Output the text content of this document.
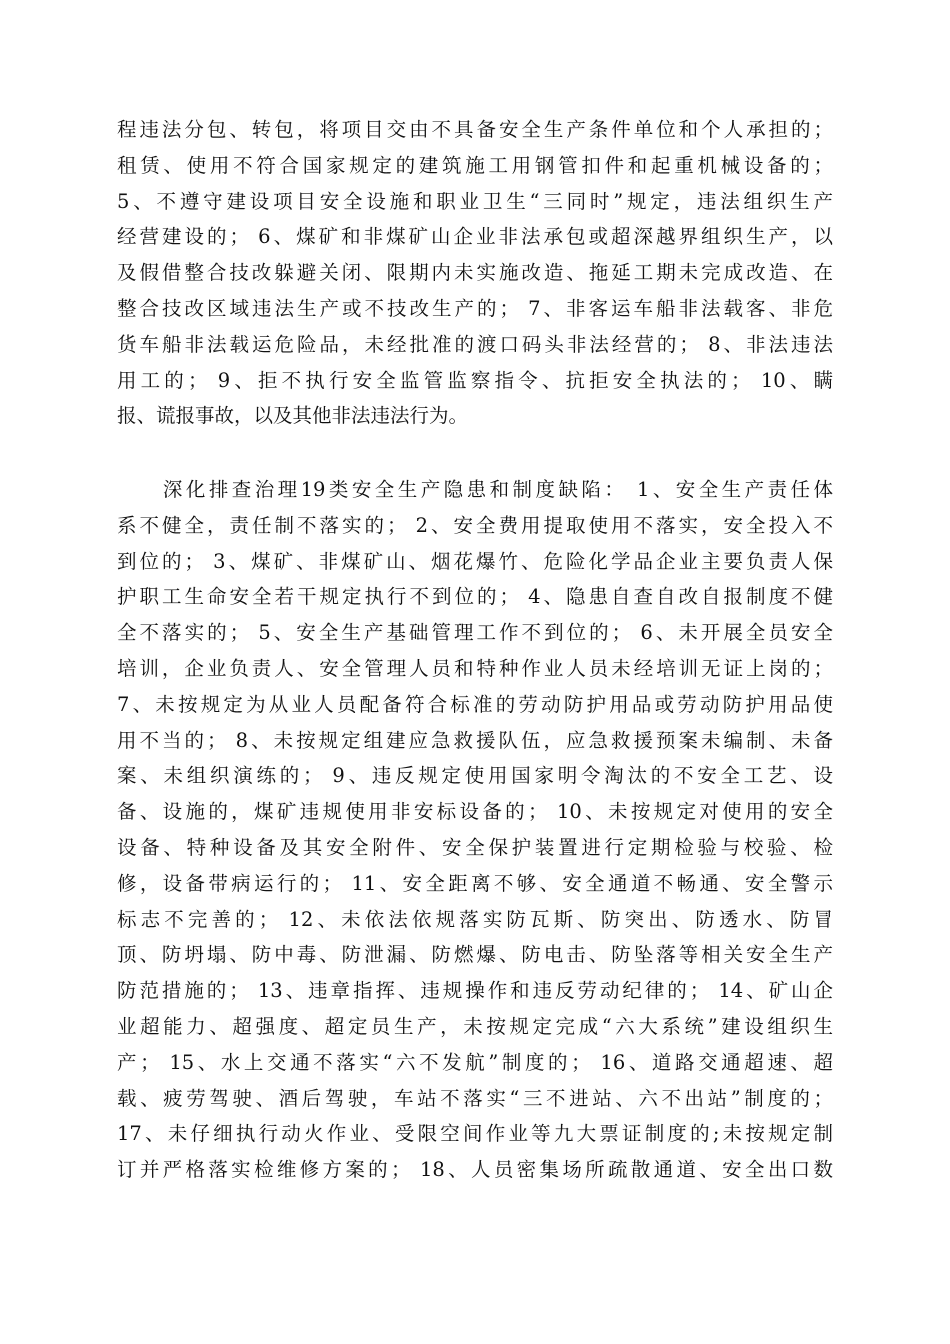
程违法分包、转包，将项目交由不具备安全生产条件单位和个人承担的；
租赁、使用不符合国家规定的建筑施工用钢管扣件和起重机械设备的；
5、不遵守建设项目安全设施和职业卫生“三同时”规定，违法组织生产
经营建设的； 6、煤矿和非煤矿山企业非法承包或超深越界组织生产，以
及假借整合技改躲避关闭、限期内未实施改造、拖延工期未完成改造、在
整合技改区域违法生产或不技改生产的； 7、非客运车船非法载客、非危
货车船非法载运危险品，未经批准的渡口码头非法经营的； 8、非法违法
用工的； 9、拒不执行安全监管监察指令、抗拒安全执法的； 10、瞒
报、谎报事故，以及其他非法违法行为。
　　深化排查治理19类安全生产隐患和制度缺陷： 1、安全生产责任体
系不健全，责任制不落实的； 2、安全费用提取使用不落实，安全投入不
到位的； 3、煤矿、非煤矿山、烟花爆竹、危险化学品企业主要负责人保
护职工生命安全若干规定执行不到位的； 4、隐患自查自改自报制度不健
全不落实的； 5、安全生产基础管理工作不到位的； 6、未开展全员安全
培训，企业负责人、安全管理人员和特种作业人员未经培训无证上岗的；
7、未按规定为从业人员配备符合标准的劳动防护用品或劳动防护用品使
用不当的； 8、未按规定组建应急救援队伍，应急救援预案未编制、未备
案、未组织演练的； 9、违反规定使用国家明令淘汰的不安全工艺、设
备、设施的，煤矿违规使用非安标设备的； 10、未按规定对使用的安全
设备、特种设备及其安全附件、安全保护装置进行定期检验与校验、检
修，设备带病运行的； 11、安全距离不够、安全通道不畅通、安全警示
标志不完善的； 12、未依法依规落实防瓦斯、防突出、防透水、防冒
顶、防坍塌、防中毒、防泄漏、防燃爆、防电击、防坠落等相关安全生产
防范措施的； 13、违章指挥、违规操作和违反劳动纪律的； 14、矿山企
业超能力、超强度、超定员生产，未按规定完成“六大系统”建设组织生
产； 15、水上交通不落实“六不发航”制度的； 16、道路交通超速、超
载、疲劳驾驶、酒后驾驶，车站不落实“三不进站、六不出站”制度的；
17、未仔细执行动火作业、受限空间作业等九大票证制度的;未按规定制
订并严格落实检维修方案的； 18、人员密集场所疏散通道、安全出口数
